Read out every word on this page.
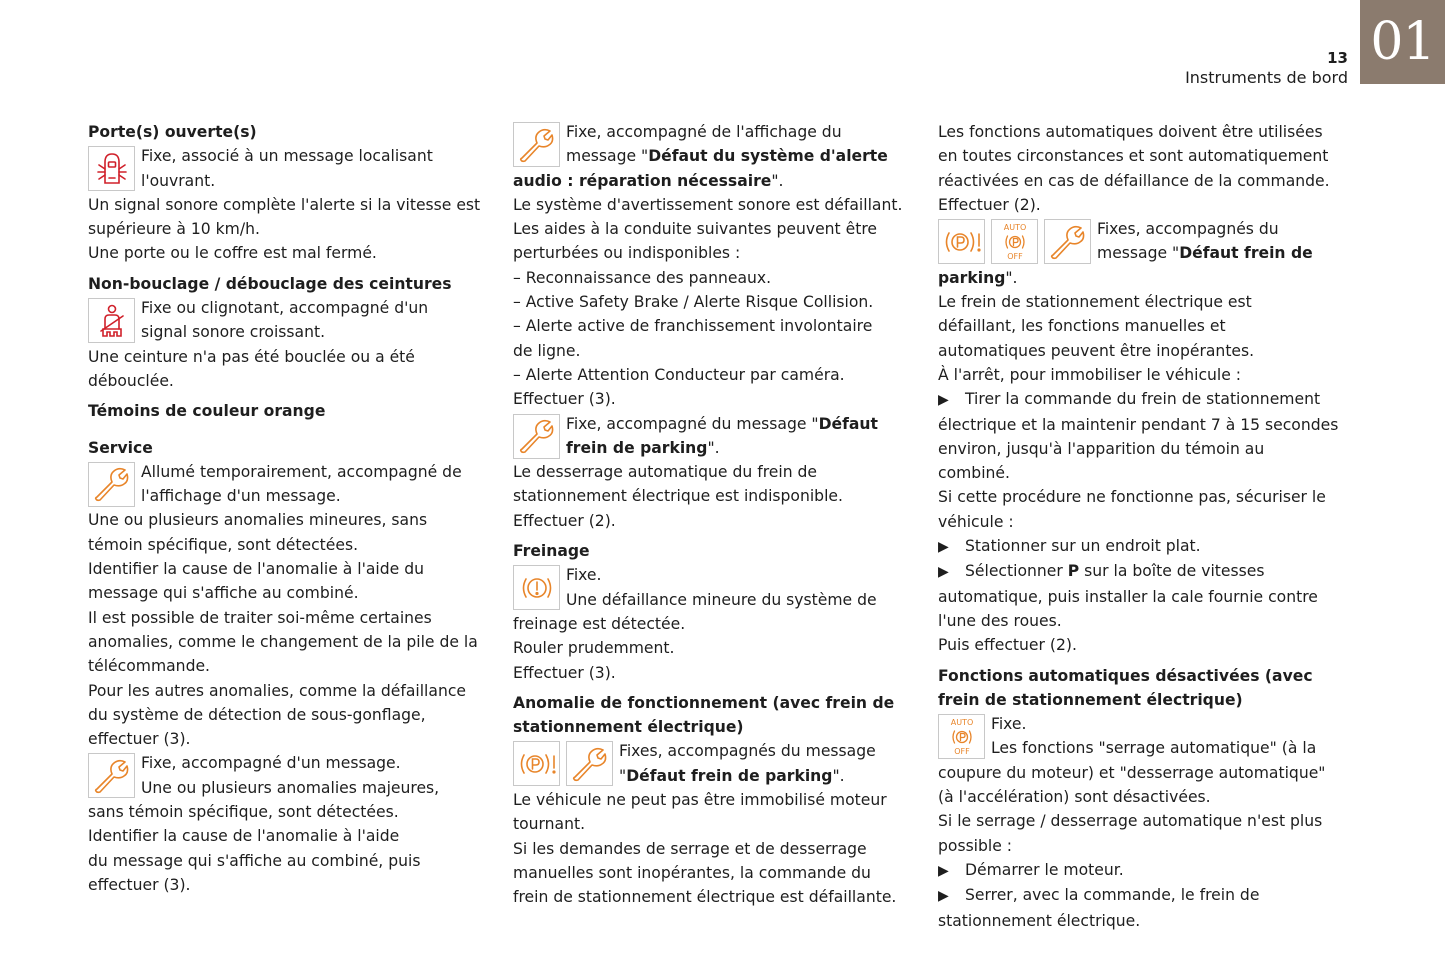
13
Instruments de bord
01

Porte(s) ouverte(s)

Fixe, associé à un message localisant

l'ouvrant.

Un signal sonore complète l'alerte si la vitesse est

supérieure à 10 km/h.

Une porte ou le coffre est mal fermé.

Non-bouclage / débouclage des ceintures

Fixe ou clignotant, accompagné d'un

signal sonore croissant.

Une ceinture n'a pas été bouclée ou a été

débouclée.

Témoins de couleur orange

Service

Allumé temporairement, accompagné de

l'affichage d'un message.

Une ou plusieurs anomalies mineures, sans

témoin spécifique, sont détectées.

Identifier la cause de l'anomalie à l'aide du

message qui s'affiche au combiné.

Il est possible de traiter soi-même certaines

anomalies, comme le changement de la pile de la

télécommande.

Pour les autres anomalies, comme la défaillance

du système de détection de sous-gonflage,

effectuer (3).

Fixe, accompagné d'un message.

Une ou plusieurs anomalies majeures,

sans témoin spécifique, sont détectées.

Identifier la cause de l'anomalie à l'aide

du message qui s'affiche au combiné, puis

effectuer (3).

Fixe, accompagné de l'affichage du

message "Défaut du système d'alerte

audio : réparation nécessaire".

Le système d'avertissement sonore est défaillant.

Les aides à la conduite suivantes peuvent être

perturbées ou indisponibles :

– Reconnaissance des panneaux.

– Active Safety Brake / Alerte Risque Collision.

– Alerte active de franchissement involontaire

de ligne.

– Alerte Attention Conducteur par caméra.

Effectuer (3).

Fixe, accompagné du message "Défaut

frein de parking".

Le desserrage automatique du frein de

stationnement électrique est indisponible.

Effectuer (2).

Freinage

Fixe.

Une défaillance mineure du système de

freinage est détectée.

Rouler prudemment.

Effectuer (3).

Anomalie de fonctionnement (avec frein de

stationnement électrique)

Fixes, accompagnés du message

"Défaut frein de parking".

Le véhicule ne peut pas être immobilisé moteur

tournant.

Si les demandes de serrage et de desserrage

manuelles sont inopérantes, la commande du

frein de stationnement électrique est défaillante.

Les fonctions automatiques doivent être utilisées

en toutes circonstances et sont automatiquement

réactivées en cas de défaillance de la commande.

Effectuer (2).

AUTO
OFF

Fixes, accompagnés du

message "Défaut frein de

parking".

Le frein de stationnement électrique est

défaillant, les fonctions manuelles et

automatiques peuvent être inopérantes.

À l'arrêt, pour immobiliser le véhicule :

▶ Tirer la commande du frein de stationnement

électrique et la maintenir pendant 7 à 15 secondes

environ, jusqu'à l'apparition du témoin au

combiné.

Si cette procédure ne fonctionne pas, sécuriser le

véhicule :

▶ Stationner sur un endroit plat.

▶ Sélectionner P sur la boîte de vitesses

automatique, puis installer la cale fournie contre

l'une des roues.

Puis effectuer (2).

Fonctions automatiques désactivées (avec

frein de stationnement électrique)

AUTO
OFF

Fixe.

Les fonctions "serrage automatique" (à la

coupure du moteur) et "desserrage automatique"

(à l'accélération) sont désactivées.

Si le serrage / desserrage automatique n'est plus

possible :

▶ Démarrer le moteur.

▶ Serrer, avec la commande, le frein de

stationnement électrique.
